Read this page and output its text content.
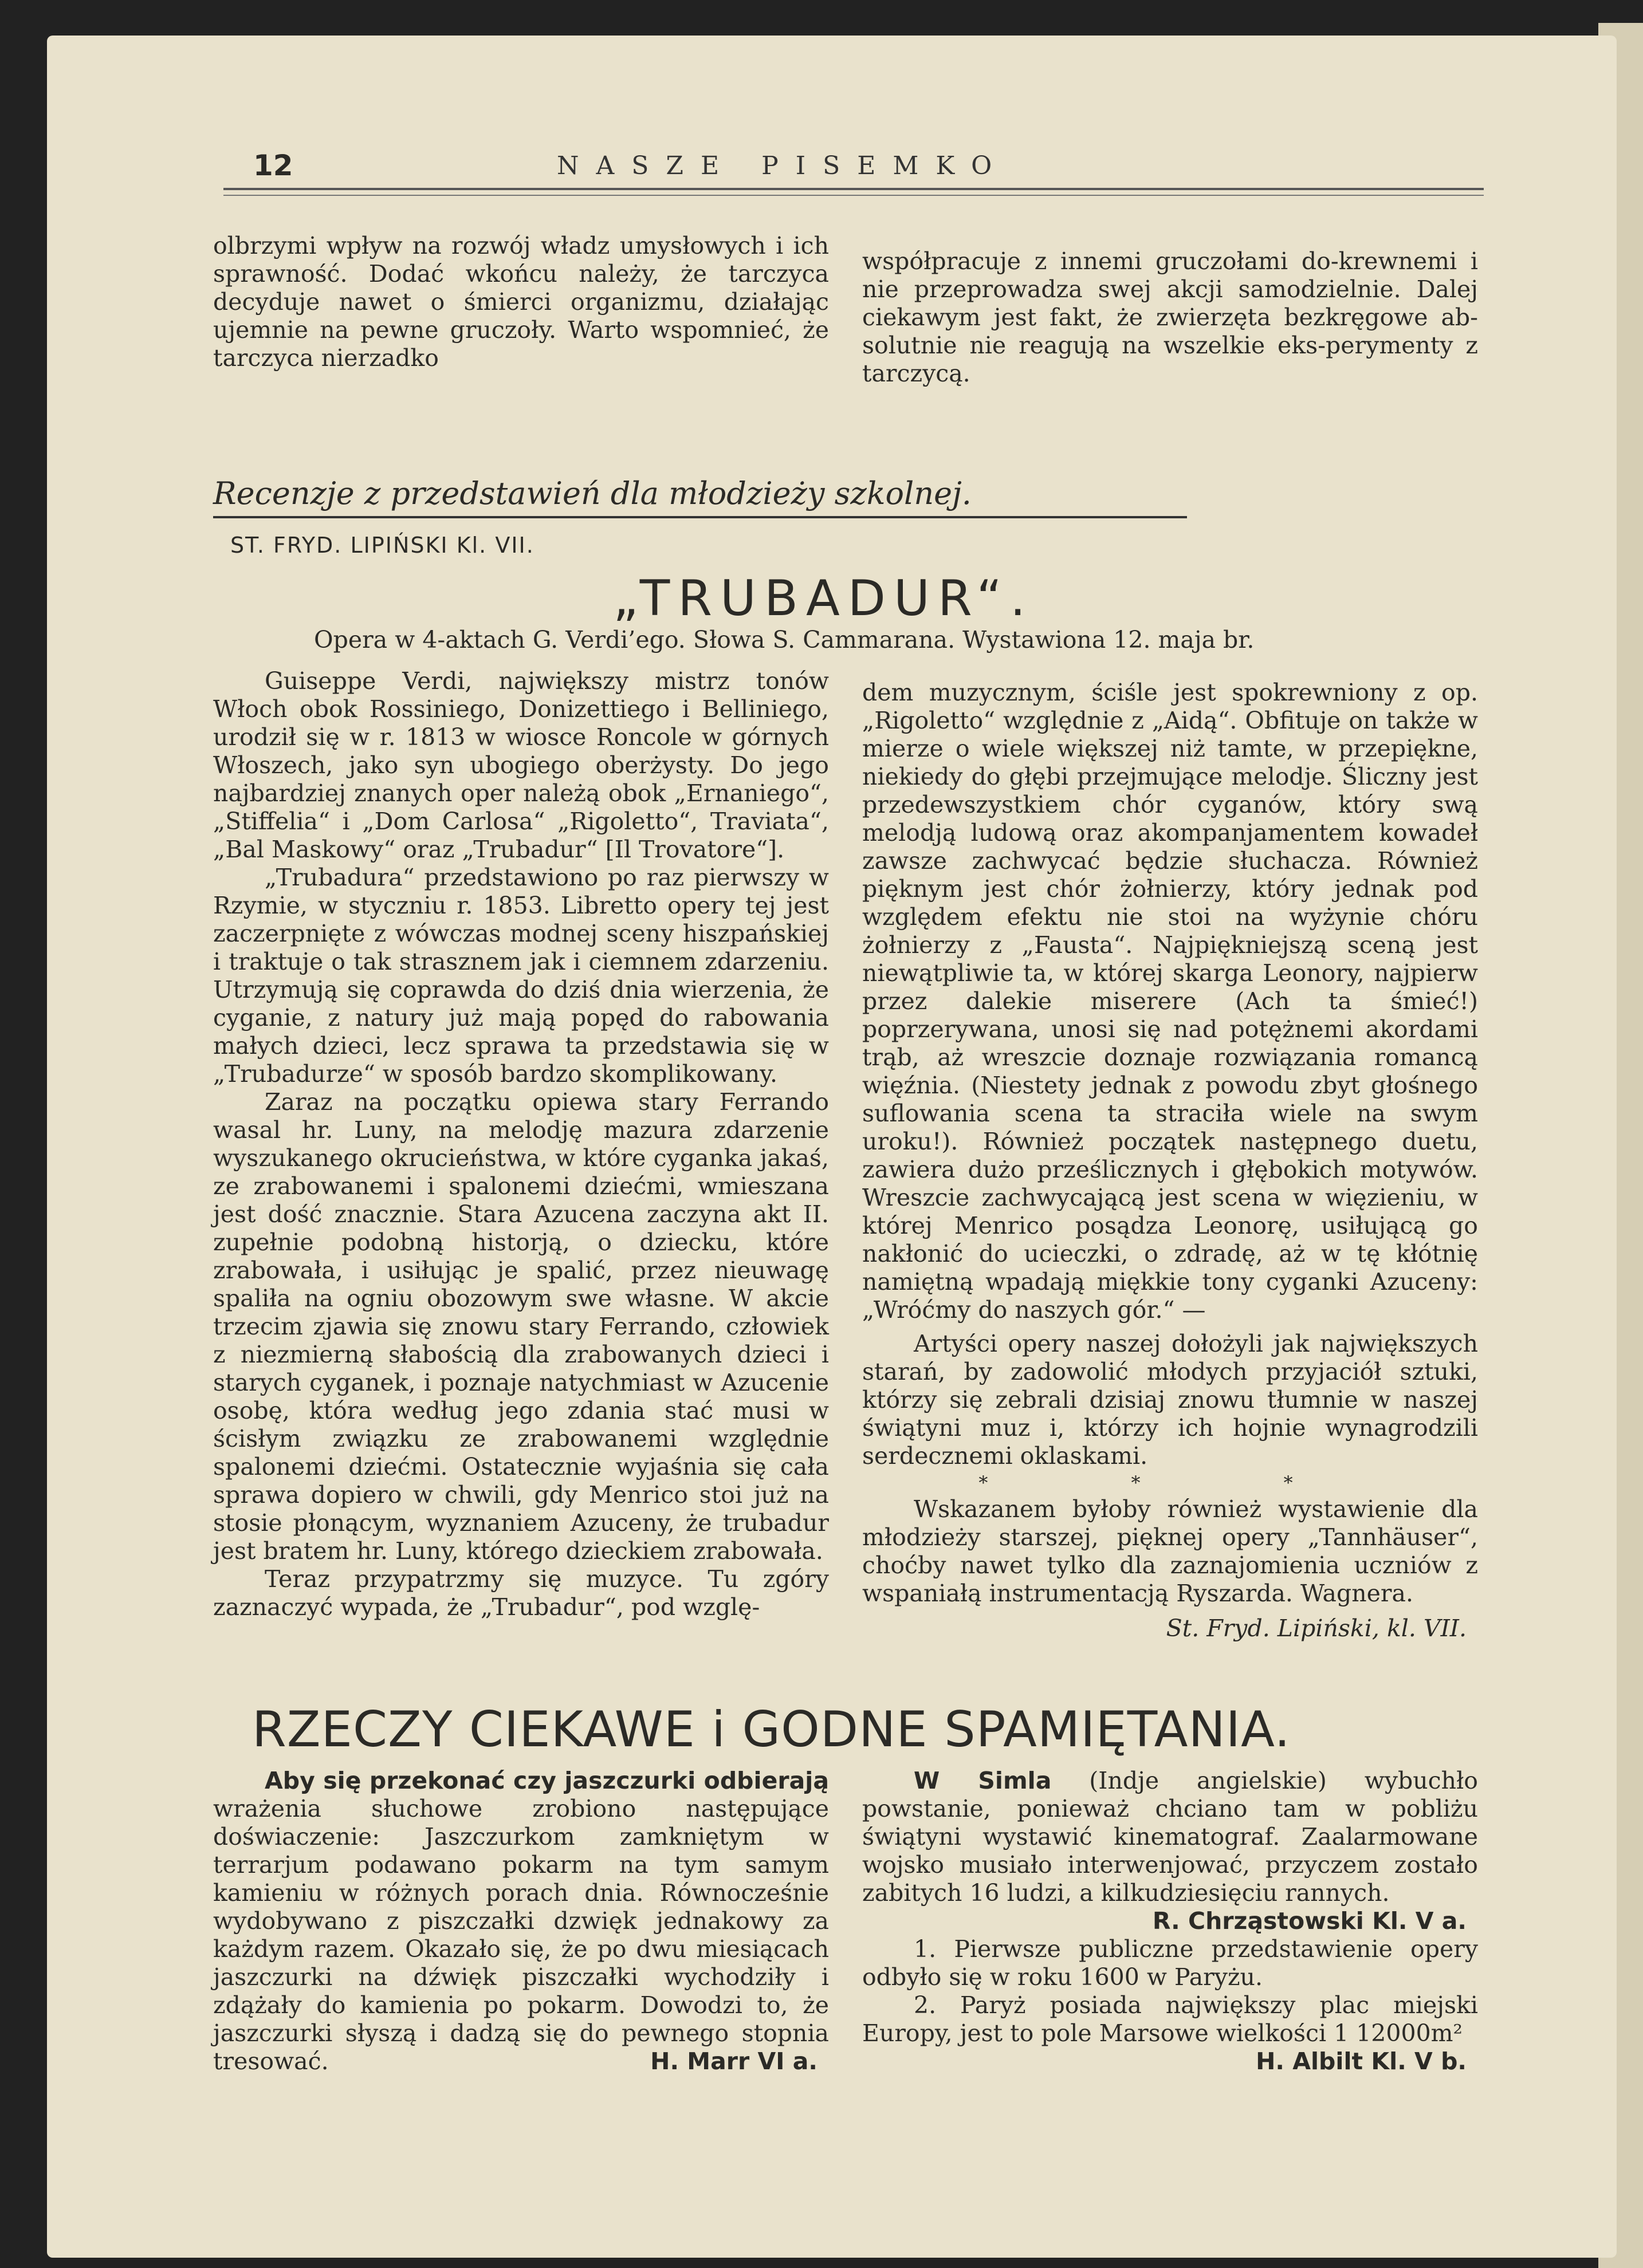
12	NASZE PISEMKO

olbrzymi wpływ na rozwój władz umysłowych i ich sprawność. Dodać wkońcu należy, że tarczyca decyduje nawet o śmierci organizmu, działając ujemnie na pewne gruczoły. Warto wspomnieć, że tarczyca nierzadko

współpracuje z innemi gruczołami do-krewnemi i nie przeprowadza swej akcji samodzielnie. Dalej ciekawym jest fakt, że zwierzęta bezkręgowe ab-solutnie nie reagują na wszelkie eks-perymenty z tarczycą.

Recenzje z przedstawień dla młodzieży szkolnej.
ST. FRYD. LIPIŃSKI Kl. VII.
„TRUBADUR“.
Opera w 4-aktach G. Verdi’ego. Słowa S. Cammarana. Wystawiona 12. maja br.

Guiseppe Verdi, największy mistrz tonów Włoch obok Rossiniego, Donizettiego i Belliniego, urodził się w r. 1813 w wiosce Roncole w górnych Włoszech, jako syn ubogiego oberżysty. Do jego najbardziej znanych oper należą obok „Ernaniego“, „Stiffelia“ i „Dom Carlosa“ „Rigoletto“, Traviata“, „Bal Maskowy“ oraz „Trubadur“ [Il Trovatore“].

„Trubadura“ przedstawiono po raz pierwszy w Rzymie, w styczniu r. 1853. Libretto opery tej jest zaczerpnięte z wówczas modnej sceny hiszpańskiej i traktuje o tak strasznem jak i ciemnem zdarzeniu. Utrzymują się coprawda do dziś dnia wierzenia, że cyganie, z natury już mają popęd do rabowania małych dzieci, lecz sprawa ta przedstawia się w „Trubadurze“ w sposób bardzo skomplikowany.

Zaraz na początku opiewa stary Ferrando wasal hr. Luny, na melodję mazura zdarzenie wyszukanego okrucieństwa, w które cyganka jakaś, ze zrabowanemi i spalonemi dziećmi, wmieszana jest dość znacznie. Stara Azucena zaczyna akt II. zupełnie podobną historją, o dziecku, które zrabowała, i usiłując je spalić, przez nieuwagę spaliła na ogniu obozowym swe własne. W akcie trzecim zjawia się znowu stary Ferrando, człowiek z niezmierną słabością dla zrabowanych dzieci i starych cyganek, i poznaje natychmiast w Azucenie osobę, która według jego zdania stać musi w ścisłym związku ze zrabowanemi względnie spalonemi dziećmi. Ostatecznie wyjaśnia się cała sprawa dopiero w chwili, gdy Menrico stoi już na stosie płonącym, wyznaniem Azuceny, że trubadur jest bratem hr. Luny, którego dzieckiem zrabowała.

Teraz przypatrzmy się muzyce. Tu zgóry zaznaczyć wypada, że „Trubadur“, pod wzglę-

dem muzycznym, ściśle jest spokrewniony z op. „Rigoletto“ względnie z „Aidą“. Obfituje on także w mierze o wiele większej niż tamte, w przepiękne, niekiedy do głębi przejmujące melodje. Śliczny jest przedewszystkiem chór cyganów, który swą melodją ludową oraz akompanjamentem kowadeł zawsze zachwycać będzie słuchacza. Również pięknym jest chór żołnierzy, który jednak pod względem efektu nie stoi na wyżynie chóru żołnierzy z „Fausta“. Najpiękniejszą sceną jest niewątpliwie ta, w której skarga Leonory, najpierw przez dalekie miserere (Ach ta śmieć!) poprzerywana, unosi się nad potężnemi akordami trąb, aż wreszcie doznaje rozwiązania romancą więźnia. (Niestety jednak z powodu zbyt głośnego suflowania scena ta straciła wiele na swym uroku!). Również początek następnego duetu, zawiera dużo prześlicznych i głębokich motywów. Wreszcie zachwycającą jest scena w więzieniu, w której Menrico posądza Leonorę, usiłującą go nakłonić do ucieczki, o zdradę, aż w tę kłótnię namiętną wpadają miękkie tony cyganki Azuceny: „Wróćmy do naszych gór.“ —

Artyści opery naszej dołożyli jak największych starań, by zadowolić młodych przyjaciół sztuki, którzy się zebrali dzisiaj znowu tłumnie w naszej świątyni muz i, którzy ich hojnie wynagrodzili serdecznemi oklaskami.

* * *

Wskazanem byłoby również wystawienie dla młodzieży starszej, pięknej opery „Tannhäuser“, choćby nawet tylko dla zaznajomienia uczniów z wspaniałą instrumentacją Ryszarda. Wagnera.

St. Fryd. Lipiński, kl. VII.

RZECZY CIEKAWE i GODNE SPAMIĘTANIA.

Aby się przekonać czy jaszczurki odbierają wrażenia słuchowe zrobiono następujące doświaczenie: Jaszczurkom zamkniętym w terrarjum podawano pokarm na tym samym kamieniu w różnych porach dnia. Równocześnie wydobywano z piszczałki dzwięk jednakowy za każdym razem. Okazało się, że po dwu miesiącach jaszczurki na dźwięk piszczałki wychodziły i zdążały do kamienia po pokarm. Dowodzi to, że jaszczurki słyszą i dadzą się do pewnego stopnia tresować.	H. Marr VI a.

W Simla (Indje angielskie) wybuchło powstanie, ponieważ chciano tam w pobliżu świątyni wystawić kinematograf. Zaalarmowane wojsko musiało interwenjować, przyczem zostało zabitych 16 ludzi, a kilkudziesięciu rannych.

R. Chrząstowski Kl. V a.

1. Pierwsze publiczne przedstawienie opery odbyło się w roku 1600 w Paryżu.

2. Paryż posiada największy plac miejski Europy, jest to pole Marsowe wielkości 1 12000m²

H. Albilt Kl. V b.
